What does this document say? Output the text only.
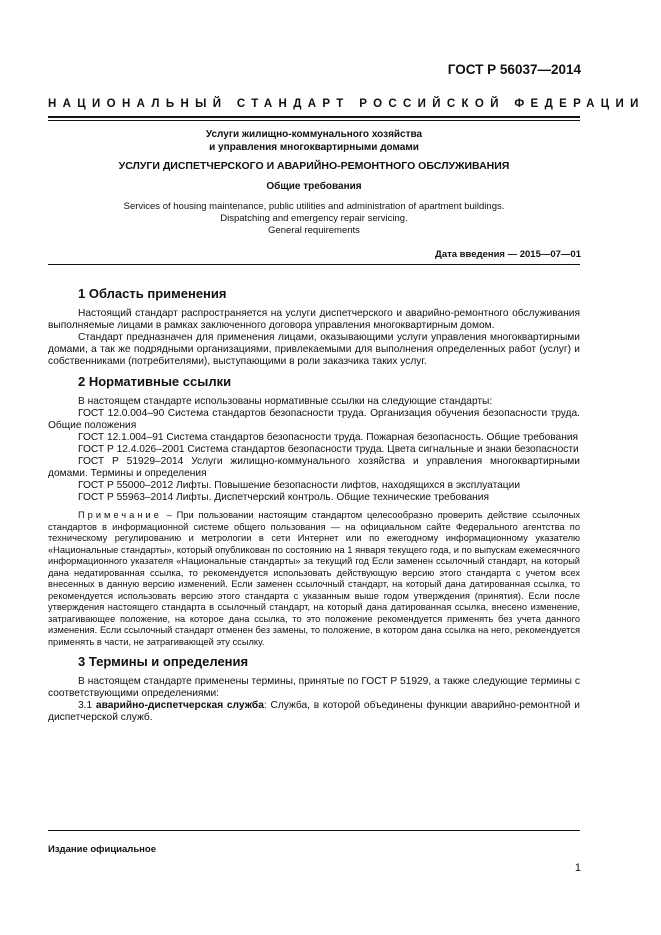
ГОСТ Р 56037—2014
НАЦИОНАЛЬНЫЙ СТАНДАРТ РОССИЙСКОЙ ФЕДЕРАЦИИ
Услуги жилищно-коммунального хозяйства
и управления многоквартирными домами
УСЛУГИ ДИСПЕТЧЕРСКОГО И АВАРИЙНО-РЕМОНТНОГО ОБСЛУЖИВАНИЯ
Общие требования
Services of housing maintenance, public utilities and administration of apartment buildings.
Dispatching and emergency repair servicing.
General requirements
Дата введения — 2015—07—01
1 Область применения

Настоящий стандарт распространяется на услуги диспетчерского и аварийно-ремонтного обслуживания выполняемые лицами в рамках заключенного договора управления многоквартирным домом.

Стандарт предназначен для применения лицами, оказывающими услуги управления многоквартирными домами, а так же подрядными организациями, привлекаемыми для выполнения определенных работ (услуг) и собственниками (потребителями), выступающими в роли заказчика таких услуг.

2 Нормативные ссылки

В настоящем стандарте использованы нормативные ссылки на следующие стандарты:

ГОСТ 12.0.004–90 Система стандартов безопасности труда. Организация обучения безопасности труда. Общие положения

ГОСТ 12.1.004–91 Система стандартов безопасности труда. Пожарная безопасность. Общие требования

ГОСТ Р 12.4.026–2001 Система стандартов безопасности труда. Цвета сигнальные и знаки безопасности

ГОСТ Р 51929–2014 Услуги жилищно-коммунального хозяйства и управления многоквартирными домами. Термины и определения

ГОСТ Р 55000–2012 Лифты. Повышение безопасности лифтов, находящихся в эксплуатации

ГОСТ Р 55963–2014 Лифты. Диспетчерский контроль. Общие технические требования

Примечание – При пользовании настоящим стандартом целесообразно проверить действие ссылочных стандартов в информационной системе общего пользования — на официальном сайте Федерального агентства по техническому регулированию и метрологии в сети Интернет или по ежегодному информационному указателю «Национальные стандарты», который опубликован по состоянию на 1 января текущего года, и по выпускам ежемесячного информационного указателя «Национальные стандарты» за текущий год Если заменен ссылочный стандарт, на который дана недатированная ссылка, то рекомендуется использовать действующую версию этого стандарта с учетом всех внесенных в данную версию изменений. Если заменен ссылочный стандарт, на который дана датированная ссылка, то рекомендуется использовать версию этого стандарта с указанным выше годом утверждения (принятия). Если после утверждения настоящего стандарта в ссылочный стандарт, на который дана датированная ссылка, внесено изменение, затрагивающее положение, на которое дана ссылка, то это положение рекомендуется применять без учета данного изменения. Если ссылочный стандарт отменен без замены, то положение, в котором дана ссылка на него, рекомендуется применять в части, не затрагивающей эту ссылку.
3 Термины и определения

В настоящем стандарте применены термины, принятые по ГОСТ Р 51929, а также следующие термины с соответствующими определениями:

3.1 аварийно-диспетчерская служба: Служба, в которой объединены функции аварийно-ремонтной и диспетчерской служб.

Издание официальное
1
